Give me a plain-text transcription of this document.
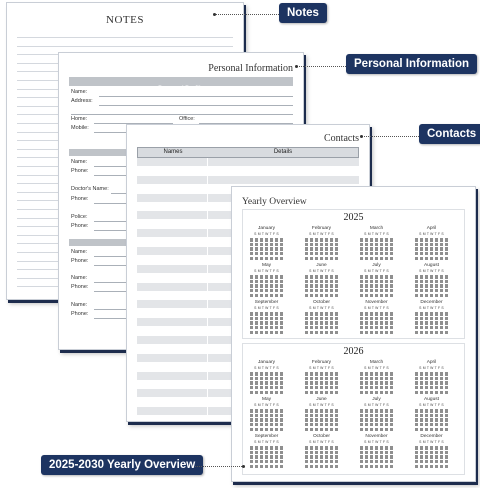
NOTES
Personal Information
Personal Profile
Name:
Address:
Home:	Office:
Mobile:
Name:
Phone:
Doctor's Name:
Phone:
Police:
Phone:
Name:
Phone:
Name:
Phone:
Name:
Phone:
Contacts
Names	Details
Yearly Overview
2025
January
S M T W T F S
February
S M T W T F S
March
S M T W T F S
April
S M T W T F S
May
S M T W T F S
June
S M T W T F S
July
S M T W T F S
August
S M T W T F S
September
S M T W T F S
October
S M T W T F S
November
S M T W T F S
December
S M T W T F S
2026
January
S M T W T F S
February
S M T W T F S
March
S M T W T F S
April
S M T W T F S
May
S M T W T F S
June
S M T W T F S
July
S M T W T F S
August
S M T W T F S
September
S M T W T F S
October
S M T W T F S
November
S M T W T F S
December
S M T W T F S
Notes
Personal Information
Contacts
2025-2030 Yearly Overview
